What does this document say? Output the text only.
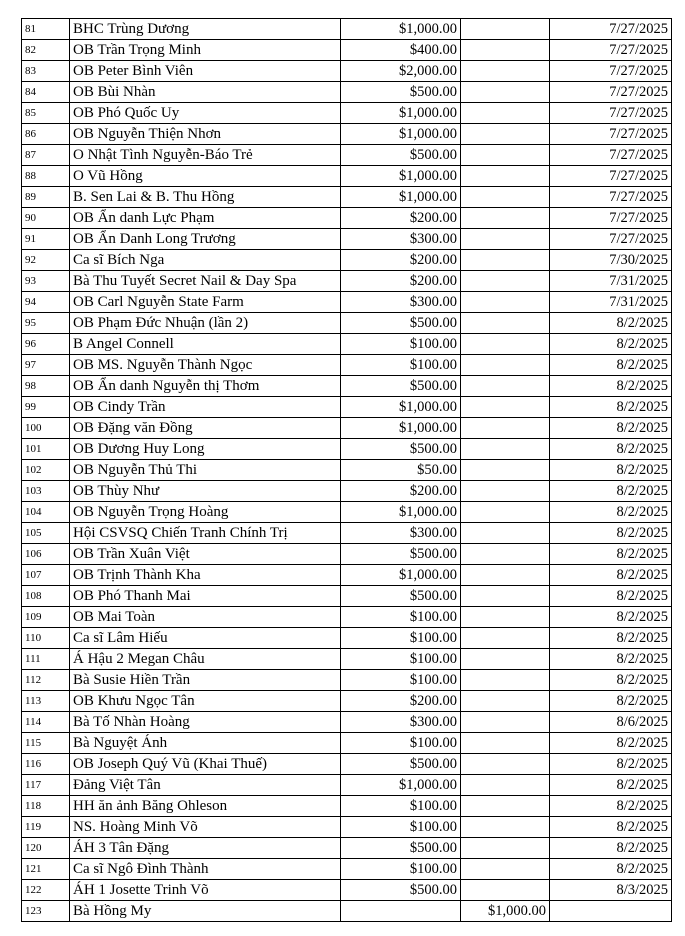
81	BHC Trùng Dương	$1,000.00		7/27/2025
82	OB Trần Trọng Minh	$400.00		7/27/2025
83	OB Peter Bình Viên	$2,000.00		7/27/2025
84	OB Bùi Nhàn	$500.00		7/27/2025
85	OB Phó Quốc Uy	$1,000.00		7/27/2025
86	OB Nguyễn Thiện Nhơn	$1,000.00		7/27/2025
87	O Nhật Tình Nguyễn-Báo Trẻ	$500.00		7/27/2025
88	O Vũ Hồng	$1,000.00		7/27/2025
89	B. Sen Lai & B. Thu Hồng	$1,000.00		7/27/2025
90	OB Ẩn danh Lực Phạm	$200.00		7/27/2025
91	OB Ẩn Danh Long Trương	$300.00		7/27/2025
92	Ca sĩ Bích Nga	$200.00		7/30/2025
93	Bà Thu Tuyết Secret Nail & Day Spa	$200.00		7/31/2025
94	OB Carl Nguyễn State Farm	$300.00		7/31/2025
95	OB Phạm Đức Nhuận (lần 2)	$500.00		8/2/2025
96	B Angel Connell	$100.00		8/2/2025
97	OB MS. Nguyễn Thành Ngọc	$100.00		8/2/2025
98	OB Ẩn danh Nguyễn thị Thơm	$500.00		8/2/2025
99	OB Cindy Trần	$1,000.00		8/2/2025
100	OB Đặng văn Đồng	$1,000.00		8/2/2025
101	OB Dương Huy Long	$500.00		8/2/2025
102	OB Nguyễn Thủ Thi	$50.00		8/2/2025
103	OB Thùy Như	$200.00		8/2/2025
104	OB Nguyễn Trọng Hoàng	$1,000.00		8/2/2025
105	Hội CSVSQ Chiến Tranh Chính Trị	$300.00		8/2/2025
106	OB Trần Xuân Việt	$500.00		8/2/2025
107	OB Trịnh Thành Kha	$1,000.00		8/2/2025
108	OB Phó Thanh Mai	$500.00		8/2/2025
109	OB Mai Toàn	$100.00		8/2/2025
110	Ca sĩ Lâm Hiếu	$100.00		8/2/2025
111	Á Hậu 2 Megan Châu	$100.00		8/2/2025
112	Bà Susie Hiền Trần	$100.00		8/2/2025
113	OB Khưu Ngọc Tân	$200.00		8/2/2025
114	Bà Tố Nhàn Hoàng	$300.00		8/6/2025
115	Bà Nguyệt Ánh	$100.00		8/2/2025
116	OB Joseph Quý Vũ (Khai Thuế)	$500.00		8/2/2025
117	Đảng Việt Tân	$1,000.00		8/2/2025
118	HH ăn ảnh Băng Ohleson	$100.00		8/2/2025
119	NS. Hoàng Minh Võ	$100.00		8/2/2025
120	ÁH 3 Tân Đặng	$500.00		8/2/2025
121	Ca sĩ Ngô Đình Thành	$100.00		8/2/2025
122	ÁH 1 Josette Trinh Võ	$500.00		8/3/2025
123	Bà Hồng My		$1,000.00	
